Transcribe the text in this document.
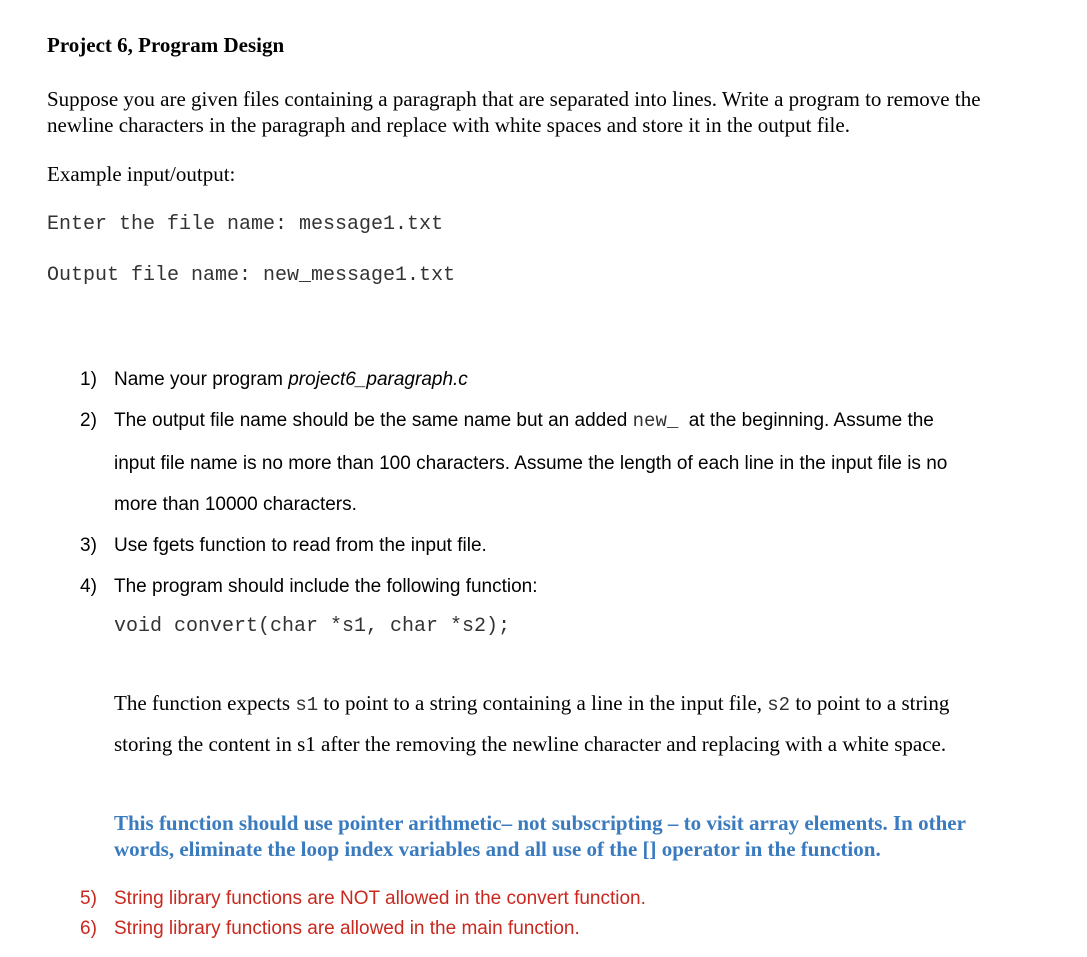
Project 6, Program Design
Suppose you are given files containing a paragraph that are separated into lines. Write a program to remove the
newline characters in the paragraph and replace with white spaces and store it in the output file.
Example input/output:
Enter the file name: message1.txt
Output file name: new_message1.txt
1) Name your program project6_paragraph.c
2) The output file name should be the same name but an added new_  at the beginning. Assume the
input file name is no more than 100 characters. Assume the length of each line in the input file is no
more than 10000 characters.
3) Use fgets function to read from the input file.
4) The program should include the following function:
void convert(char *s1, char *s2);
The function expects s1 to point to a string containing a line in the input file, s2 to point to a string
storing the content in s1 after the removing the newline character and replacing with a white space.
This function should use pointer arithmetic– not subscripting – to visit array elements. In other
words, eliminate the loop index variables and all use of the [] operator in the function.
5) String library functions are NOT allowed in the convert function.
6) String library functions are allowed in the main function.
